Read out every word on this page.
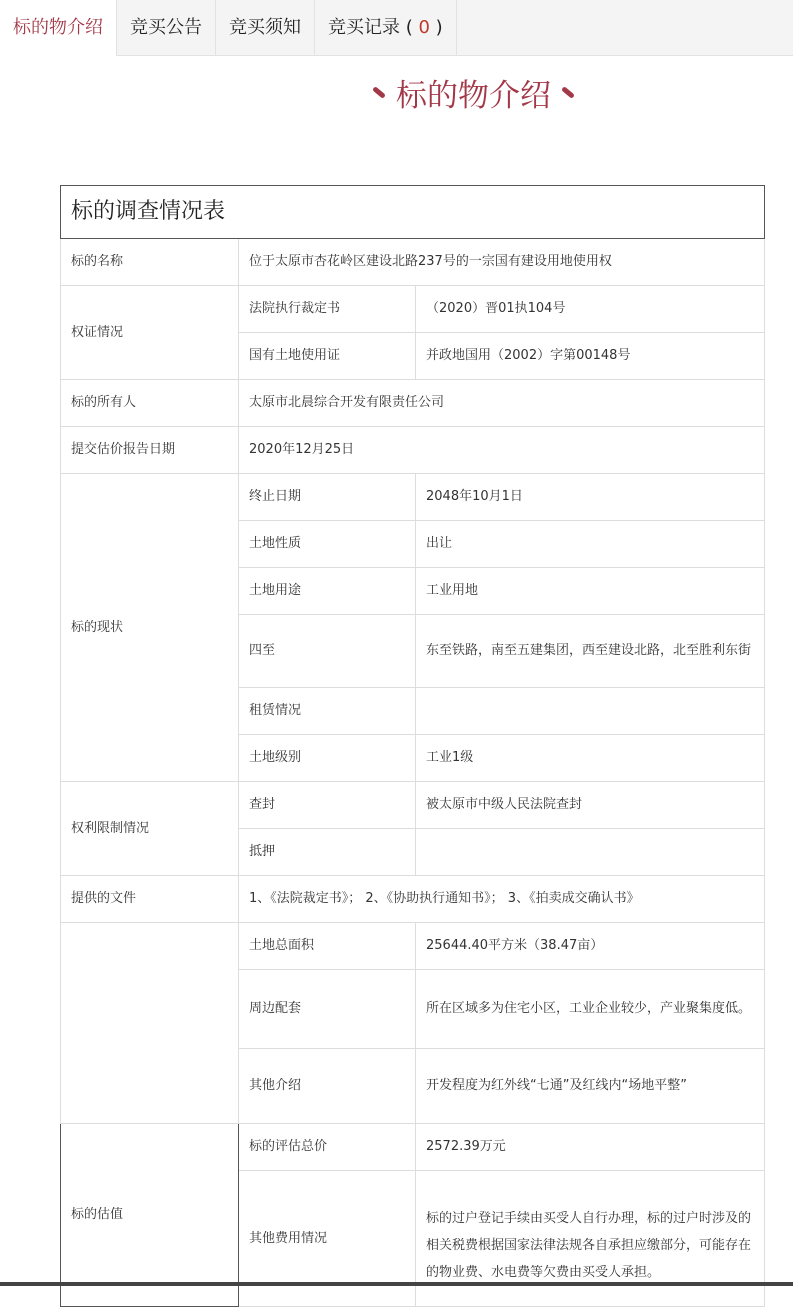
标的物介绍	竞买公告	竞买须知	竞买记录 ( 0 )
标的物介绍
标的调查情况表		
标的名称	位于太原市杏花岭区建设北路237号的一宗国有建设用地使用权	
权证情况	法院执行裁定书	（2020）晋01执104号
	国有土地使用证	并政地国用（2002）字第00148号
标的所有人	太原市北晨综合开发有限责任公司	
提交估价报告日期	2020年12月25日	
标的现状	终止日期	2048年10月1日
	土地性质	出让
	土地用途	工业用地
	四至	东至铁路，南至五建集团，西至建设北路，北至胜利东街
	租赁情况	
	土地级别	工业1级
权利限制情况	查封	被太原市中级人民法院查封
	抵押	
提供的文件	1、《法院裁定书》； 2、《协助执行通知书》； 3、《拍卖成交确认书》	
	土地总面积	25644.40平方米（38.47亩）
	周边配套	所在区域多为住宅小区，工业企业较少，产业聚集度低。
	其他介绍	开发程度为红外线“七通”及红线内“场地平整”
标的估值	标的评估总价	2572.39万元
	其他费用情况	标的过户登记手续由买受人自行办理，标的过户时涉及的相关税费根据国家法律法规各自承担应缴部分，可能存在的物业费、水电费等欠费由买受人承担。
